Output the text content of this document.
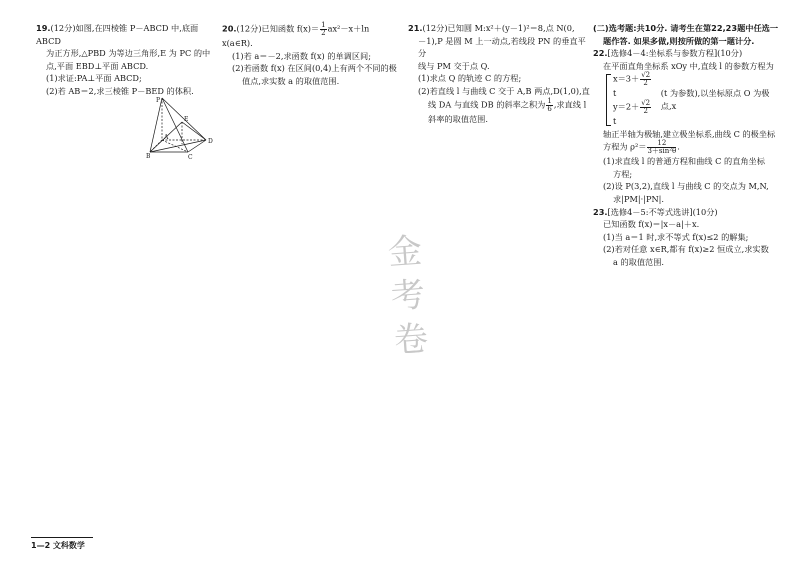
19.(12分)如图,在四棱锥 P－ABCD 中,底面 ABCD

为正方形,△PBD 为等边三角形,E 为 PC 的中

点,平面 EBD⊥平面 ABCD.

(1)求证:PA⊥平面 ABCD;

(2)若 AB＝2,求三棱锥 P－BED 的体积.

P
E
A
D
B	C

20.(12分)已知函数 $f(x)= \frac{1}{2} ax^2-x+\ln$ x(a∈R).

(1)若 a＝－2,求函数 f(x) 的单调区间;

(2)若函数 f(x) 在区间(0,4)上有两个不同的极

值点,求实数 a 的取值范围.

21.(12分)已知圆 M:x²＋(y－1)²＝8,点 N(0,

－1),P 是圆 M 上一动点,若线段 PN 的垂直平分

线与 PM 交于点 Q.

(1)求点 Q 的轨迹 C 的方程;

(2)若直线 l 与曲线 C 交于 A,B 两点,D(1,0),直

线 DA 与直线 DB 的斜率之积为 $\frac{1}{6}$ ,求直线 l

斜率的取值范围.

(二)选考题:共10分. 请考生在第22,23题中任选一

题作答. 如果多做,则按所做的第一题计分.

22.[选修4－4:坐标系与参数方程](10分)

在平面直角坐标系 xOy 中,直线 l 的参数方程为

$x=3+ \frac{√2}{2}$
t

$y=2+ \frac{√2}{2}$
t

(t 为参数),以坐标原点 O 为极点,x

轴正半轴为极轴,建立极坐标系,曲线 C 的极坐标

方程为 $\rho^2= \frac{12}{\text{3＋sin²θ}}$ .

(1)求直线 l 的普通方程和曲线 C 的直角坐标

方程;

(2)设 P(3,2),直线 l 与曲线 C 的交点为 M,N,

求|PM|·|PN|.

23.[选修4－5:不等式选讲](10分)

已知函数 f(x)＝|x－a|＋x.

(1)当 a＝1 时,求不等式 f(x)≤2 的解集;

(2)若对任意 x∈R,都有 f(x)≥2 恒成立,求实数

a 的取值范围.

金
考
卷
1—2 文科数学
